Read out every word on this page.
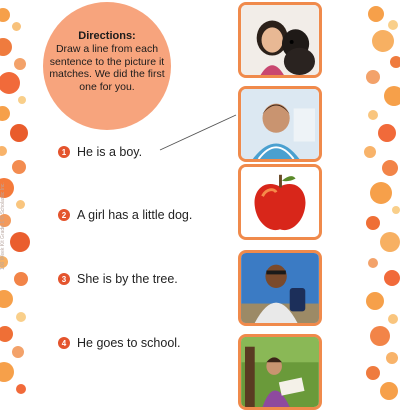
100 Week Kit Grade 1 © Scholastic Inc.
Directions:
Draw a line from each sentence to the picture it matches. We did the first one for you.
1 He is a boy.
2 A girl has a little dog.
3 She is by the tree.
4 He goes to school.
